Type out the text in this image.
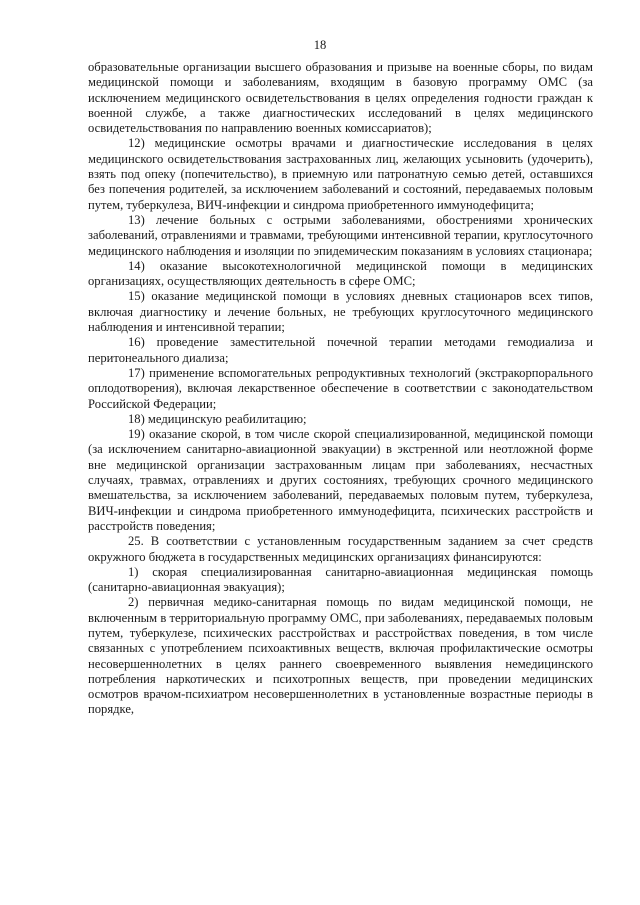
18

образовательные организации высшего образования и призыве на военные сборы, по видам медицинской помощи и заболеваниям, входящим в базовую программу ОМС (за исключением медицинского освидетельствования в целях определения годности граждан к военной службе, а также диагностических исследований в целях медицинского освидетельствования по направлению военных комиссариатов);

12) медицинские осмотры врачами и диагностические исследования в целях медицинского освидетельствования застрахованных лиц, желающих усыновить (удочерить), взять под опеку (попечительство), в приемную или патронатную семью детей, оставшихся без попечения родителей, за исключением заболеваний и состояний, передаваемых половым путем, туберкулеза, ВИЧ-инфекции и синдрома приобретенного иммунодефицита;

13) лечение больных с острыми заболеваниями, обострениями хронических заболеваний, отравлениями и травмами, требующими интенсивной терапии, круглосуточного медицинского наблюдения и изоляции по эпидемическим показаниям в условиях стационара;

14) оказание высокотехнологичной медицинской помощи в медицинских организациях, осуществляющих деятельность в сфере ОМС;

15) оказание медицинской помощи в условиях дневных стационаров всех типов, включая диагностику и лечение больных, не требующих круглосуточного медицинского наблюдения и интенсивной терапии;

16) проведение заместительной почечной терапии методами гемодиализа и перитонеального диализа;

17) применение вспомогательных репродуктивных технологий (экстракорпорального оплодотворения), включая лекарственное обеспечение в соответствии с законодательством Российской Федерации;

18) медицинскую реабилитацию;

19) оказание скорой, в том числе скорой специализированной, медицинской помощи (за исключением санитарно-авиационной эвакуации) в экстренной или неотложной форме вне медицинской организации застрахованным лицам при заболеваниях, несчастных случаях, травмах, отравлениях и других состояниях, требующих срочного медицинского вмешательства, за исключением заболеваний, передаваемых половым путем, туберкулеза, ВИЧ-инфекции и синдрома приобретенного иммунодефицита, психических расстройств и расстройств поведения;

25. В соответствии с установленным государственным заданием за счет средств окружного бюджета в государственных медицинских организациях финансируются:

1) скорая специализированная санитарно-авиационная медицинская помощь (санитарно-авиационная эвакуация);

2) первичная медико-санитарная помощь по видам медицинской помощи, не включенным в территориальную программу ОМС, при заболеваниях, передаваемых половым путем, туберкулезе, психических расстройствах и расстройствах поведения, в том числе связанных с употреблением психоактивных веществ, включая профилактические осмотры несовершеннолетних в целях раннего своевременного выявления немедицинского потребления наркотических и психотропных веществ, при проведении медицинских осмотров врачом-психиатром несовершеннолетних в установленные возрастные периоды в порядке,
